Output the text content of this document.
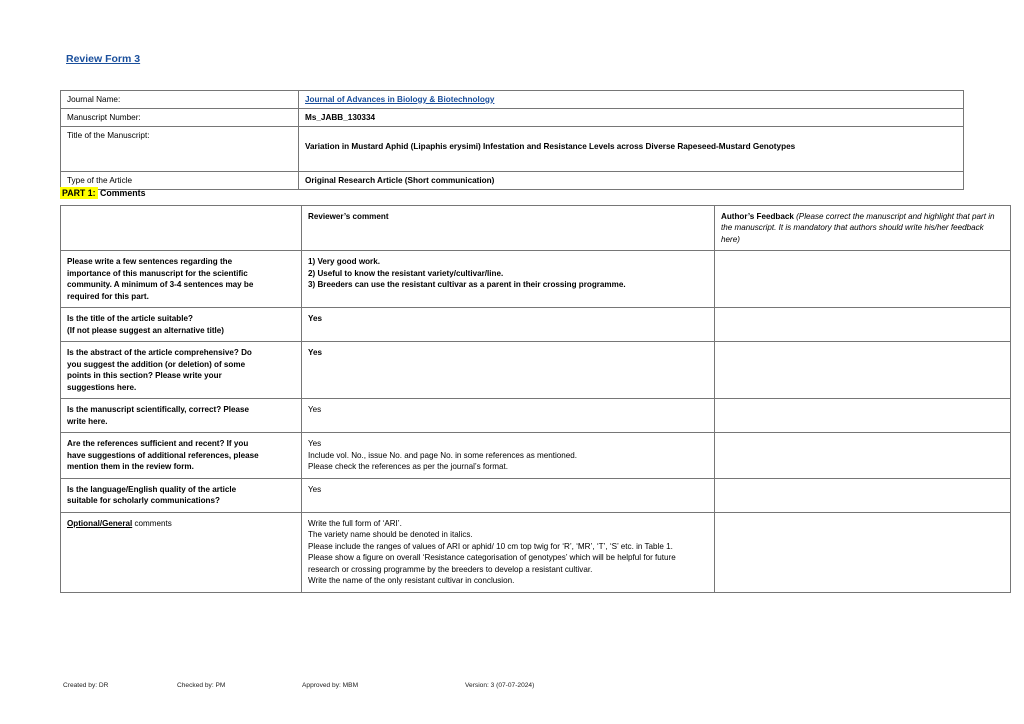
Review Form 3
Journal Name:	Journal of Advances in Biology & Biotechnology
Manuscript Number:	Ms_JABB_130334
Title of the Manuscript:	Variation in Mustard Aphid (Lipaphis erysimi) Infestation and Resistance Levels across Diverse Rapeseed-Mustard Genotypes
Type of the Article	Original Research Article (Short communication)
PART 1: Comments
	Reviewer’s comment	Author’s Feedback (Please correct the manuscript and highlight that part in the manuscript. It is mandatory that authors should write his/her feedback here)

Please write a few sentences regarding the
importance of this manuscript for the scientific
community. A minimum of 3-4 sentences may be
required for this part.	1) Very good work.
2) Useful to know the resistant variety/cultivar/line.
3) Breeders can use the resistant cultivar as a parent in their crossing programme.	

Is the title of the article suitable?
(If not please suggest an alternative title)	Yes	

Is the abstract of the article comprehensive? Do
you suggest the addition (or deletion) of some
points in this section? Please write your
suggestions here.	Yes	

Is the manuscript scientifically, correct? Please
write here.	Yes	

Are the references sufficient and recent? If you
have suggestions of additional references, please
mention them in the review form.	Yes
Include vol. No., issue No. and page No. in some references as mentioned.
Please check the references as per the journal’s format.	

Is the language/English quality of the article
suitable for scholarly communications?	Yes	

Optional/General comments	Write the full form of ‘ARI’.
The variety name should be denoted in italics.
Please include the ranges of values of ARI or aphid/ 10 cm top twig for ‘R’, ‘MR’, ‘T’, ‘S’ etc. in Table 1.
Please show a figure on overall ‘Resistance categorisation of genotypes’ which will be helpful for future
research or crossing programme by the breeders to develop a resistant cultivar.
Write the name of the only resistant cultivar in conclusion.

Created by: DR	Checked by: PM	Approved by: MBM	Version: 3 (07-07-2024)
